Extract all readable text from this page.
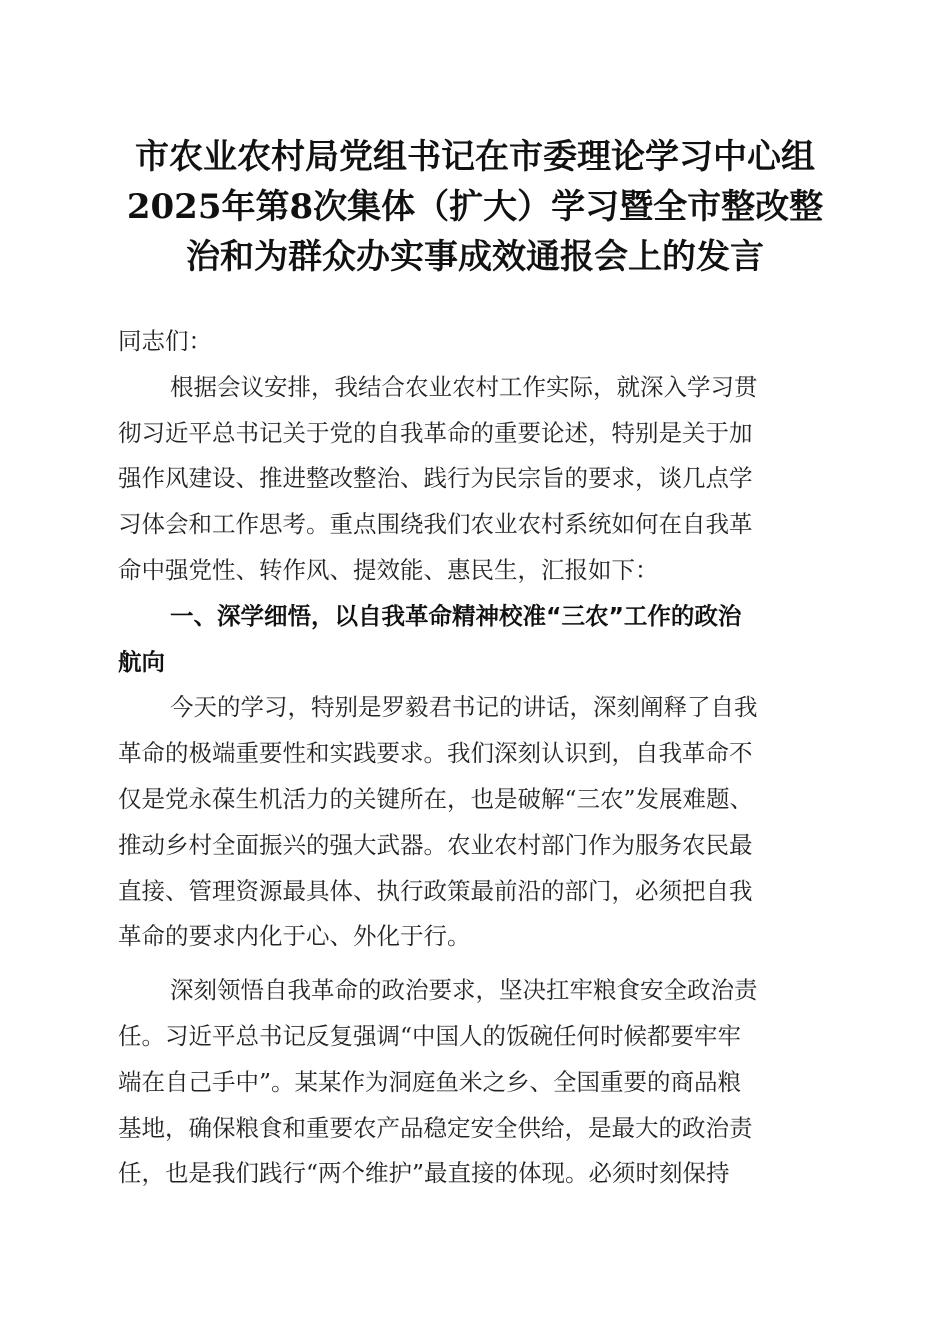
市农业农村局党组书记在市委理论学习中心组
2025年第8次集体（扩大）学习暨全市整改整
治和为群众办实事成效通报会上的发言
同志们：
根据会议安排，我结合农业农村工作实际，就深入学习贯
彻习近平总书记关于党的自我革命的重要论述，特别是关于加
强作风建设、推进整改整治、践行为民宗旨的要求，谈几点学
习体会和工作思考。重点围绕我们农业农村系统如何在自我革
命中强党性、转作风、提效能、惠民生，汇报如下：
一、深学细悟，以自我革命精神校准“三农”工作的政治
航向
今天的学习，特别是罗毅君书记的讲话，深刻阐释了自我
革命的极端重要性和实践要求。我们深刻认识到，自我革命不
仅是党永葆生机活力的关键所在，也是破解“三农”发展难题、
推动乡村全面振兴的强大武器。农业农村部门作为服务农民最
直接、管理资源最具体、执行政策最前沿的部门，必须把自我
革命的要求内化于心、外化于行。
深刻领悟自我革命的政治要求，坚决扛牢粮食安全政治责
任。习近平总书记反复强调“中国人的饭碗任何时候都要牢牢
端在自己手中”。某某作为洞庭鱼米之乡、全国重要的商品粮
基地，确保粮食和重要农产品稳定安全供给，是最大的政治责
任，也是我们践行“两个维护”最直接的体现。必须时刻保持
